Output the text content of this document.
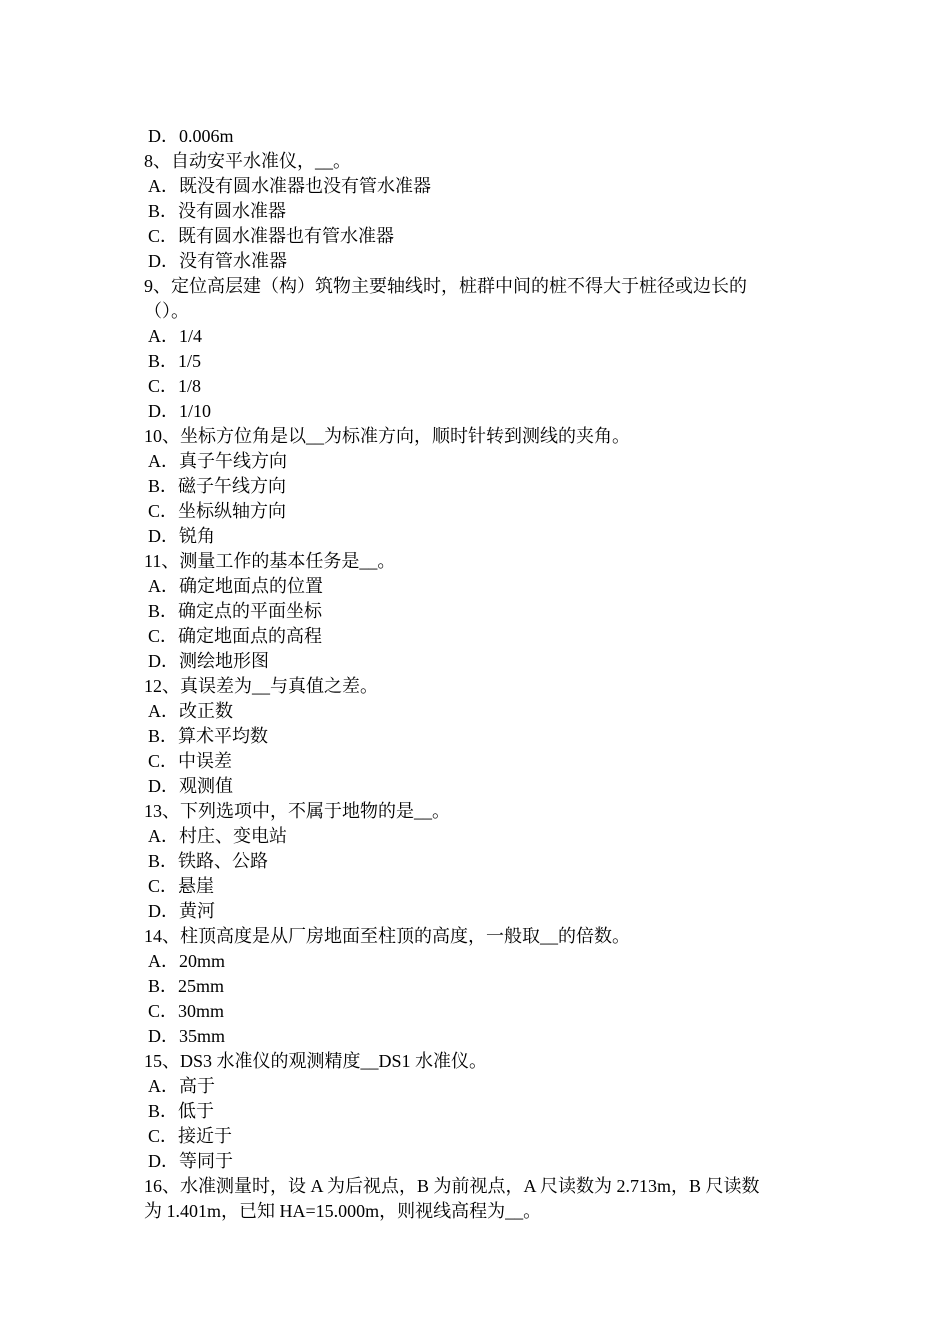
D．0.006m
8、自动安平水准仪，__。
A．既没有圆水准器也没有管水准器
B．没有圆水准器
C．既有圆水准器也有管水准器
D．没有管水准器
9、定位高层建（构）筑物主要轴线时，桩群中间的桩不得大于桩径或边长的
（）。
A．1/4
B．1/5
C．1/8
D．1/10
10、坐标方位角是以__为标准方向，顺时针转到测线的夹角。
A．真子午线方向
B．磁子午线方向
C．坐标纵轴方向
D．锐角
11、测量工作的基本任务是__。
A．确定地面点的位置
B．确定点的平面坐标
C．确定地面点的高程
D．测绘地形图
12、真误差为__与真值之差。
A．改正数
B．算术平均数
C．中误差
D．观测值
13、下列选项中，不属于地物的是__。
A．村庄、变电站
B．铁路、公路
C．悬崖
D．黄河
14、柱顶高度是从厂房地面至柱顶的高度，一般取__的倍数。
A．20mm
B．25mm
C．30mm
D．35mm
15、DS3 水准仪的观测精度__DS1 水准仪。
A．高于
B．低于
C．接近于
D．等同于
16、水准测量时，设 A 为后视点，B 为前视点，A 尺读数为 2.713m，B 尺读数
为 1.401m，已知 HA=15.000m，则视线高程为__。
